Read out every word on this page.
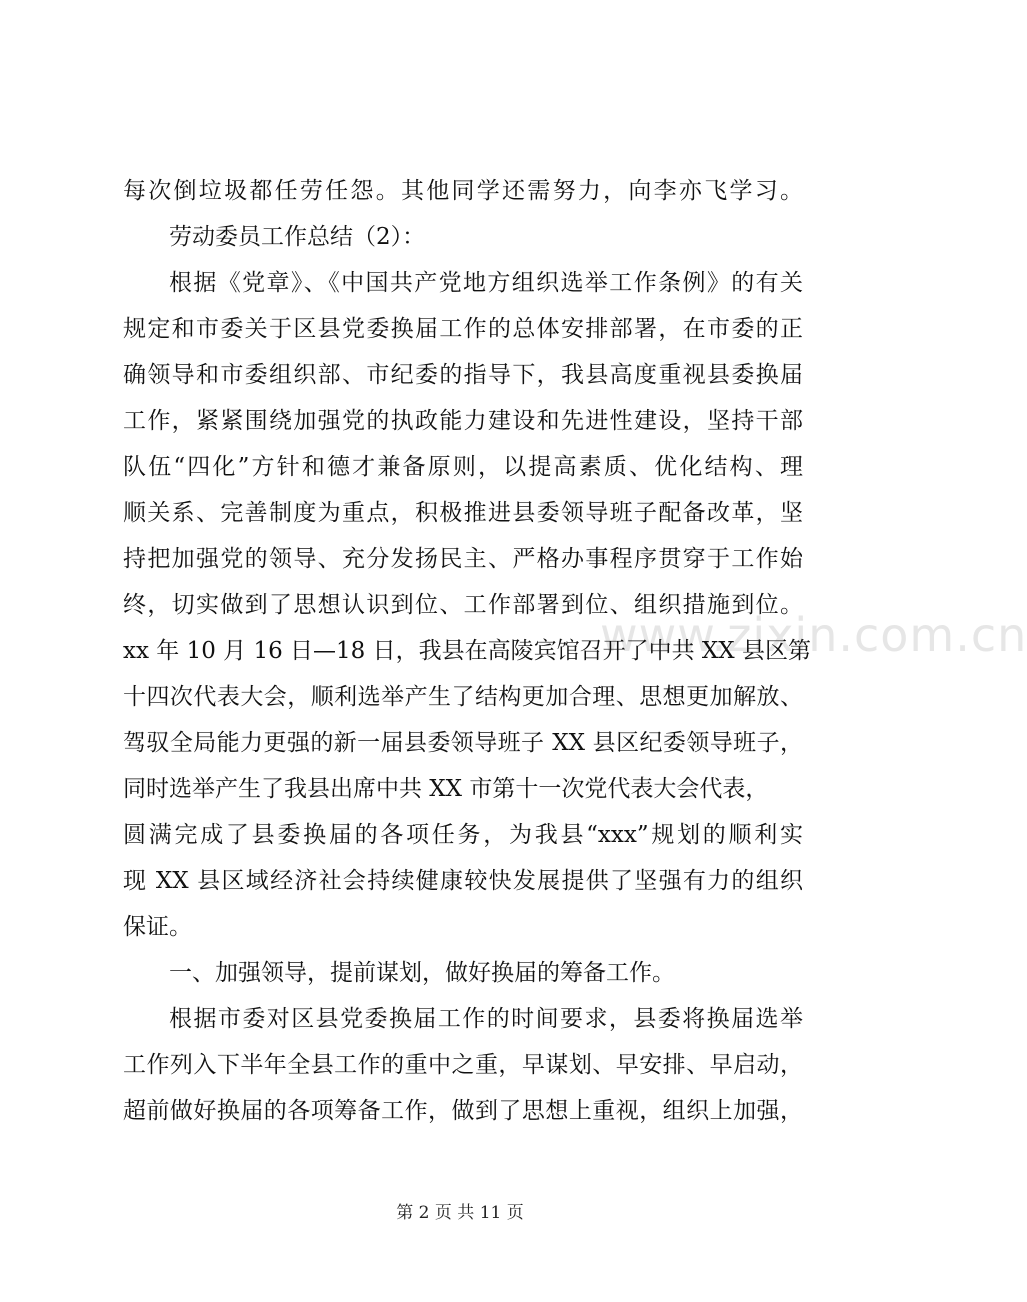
www.zixin.com.cn
每次倒垃圾都任劳任怨。其他同学还需努力，向李亦飞学习。
劳动委员工作总结（2）：
根据《党章》、《中国共产党地方组织选举工作条例》的有关
规定和市委关于区县党委换届工作的总体安排部署，在市委的正
确领导和市委组织部、市纪委的指导下，我县高度重视县委换届
工作，紧紧围绕加强党的执政能力建设和先进性建设，坚持干部
队伍“四化”方针和德才兼备原则，以提高素质、优化结构、理
顺关系、完善制度为重点，积极推进县委领导班子配备改革，坚
持把加强党的领导、充分发扬民主、严格办事程序贯穿于工作始
终，切实做到了思想认识到位、工作部署到位、组织措施到位。
xx 年 10 月 16 日—18 日，我县在高陵宾馆召开了中共 XX 县区第
十四次代表大会，顺利选举产生了结构更加合理、思想更加解放、
驾驭全局能力更强的新一届县委领导班子 XX 县区纪委领导班子，
同时选举产生了我县出席中共 XX 市第十一次党代表大会代表，
圆满完成了县委换届的各项任务，为我县“xxx”规划的顺利实
现 XX 县区域经济社会持续健康较快发展提供了坚强有力的组织
保证。
一、加强领导，提前谋划，做好换届的筹备工作。
根据市委对区县党委换届工作的时间要求，县委将换届选举
工作列入下半年全县工作的重中之重，早谋划、早安排、早启动，
超前做好换届的各项筹备工作，做到了思想上重视，组织上加强，
第 2 页 共 11 页
